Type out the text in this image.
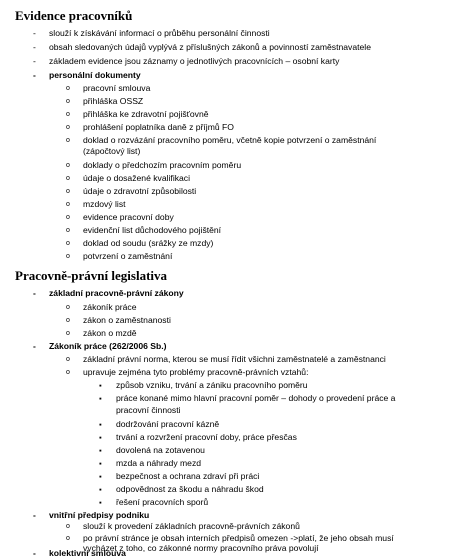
Evidence pracovníků
- slouží k získávání informací o průběhu personální činnosti
- obsah sledovaných údajů vyplývá z příslušných zákonů a povinností zaměstnavatele
- základem evidence jsou záznamy o jednotlivých pracovnících – osobní karty
- personální dokumenty
o pracovní smlouva
o přihláška OSSZ
o přihláška ke zdravotní pojišťovně
o prohlášení poplatníka daně z příjmů FO
o doklad o rozvázání pracovního poměru, včetně kopie potvrzení o zaměstnání
(zápočtový list)
o doklady o předchozím pracovním poměru
o údaje o dosažené kvalifikaci
o údaje o zdravotní způsobilosti
o mzdový list
o evidence pracovní doby
o evidenční list důchodového pojištění
o doklad od soudu (srážky ze mzdy)
o potvrzení o zaměstnání
Pracovně-právní legislativa
- základní pracovně-právní zákony
o zákoník práce
o zákon o zaměstnanosti
o zákon o mzdě
- Zákoník práce (262/2006 Sb.)
o základní právní norma, kterou se musí řídit všichni zaměstnatelé a zaměstnanci
o upravuje zejména tyto problémy pracovně-právních vztahů:
▪ způsob vzniku, trvání a zániku pracovního poměru
▪ práce konané mimo hlavní pracovní poměr – dohody o provedení práce a
pracovní činnosti
▪ dodržování pracovní kázně
▪ trvání a rozvržení pracovní doby, práce přesčas
▪ dovolená na zotavenou
▪ mzda a náhrady mezd
▪ bezpečnost a ochrana zdraví při práci
▪ odpovědnost za škodu a náhradu škod
▪ řešení pracovních sporů
- vnitřní předpisy podniku
o slouží k provedení základních pracovně-právních zákonů
o po právní stránce je obsah interních předpisů omezen ->platí, že jeho obsah musí
vycházet z toho, co zákonné normy pracovního práva povolují
- kolektivní smlouva
